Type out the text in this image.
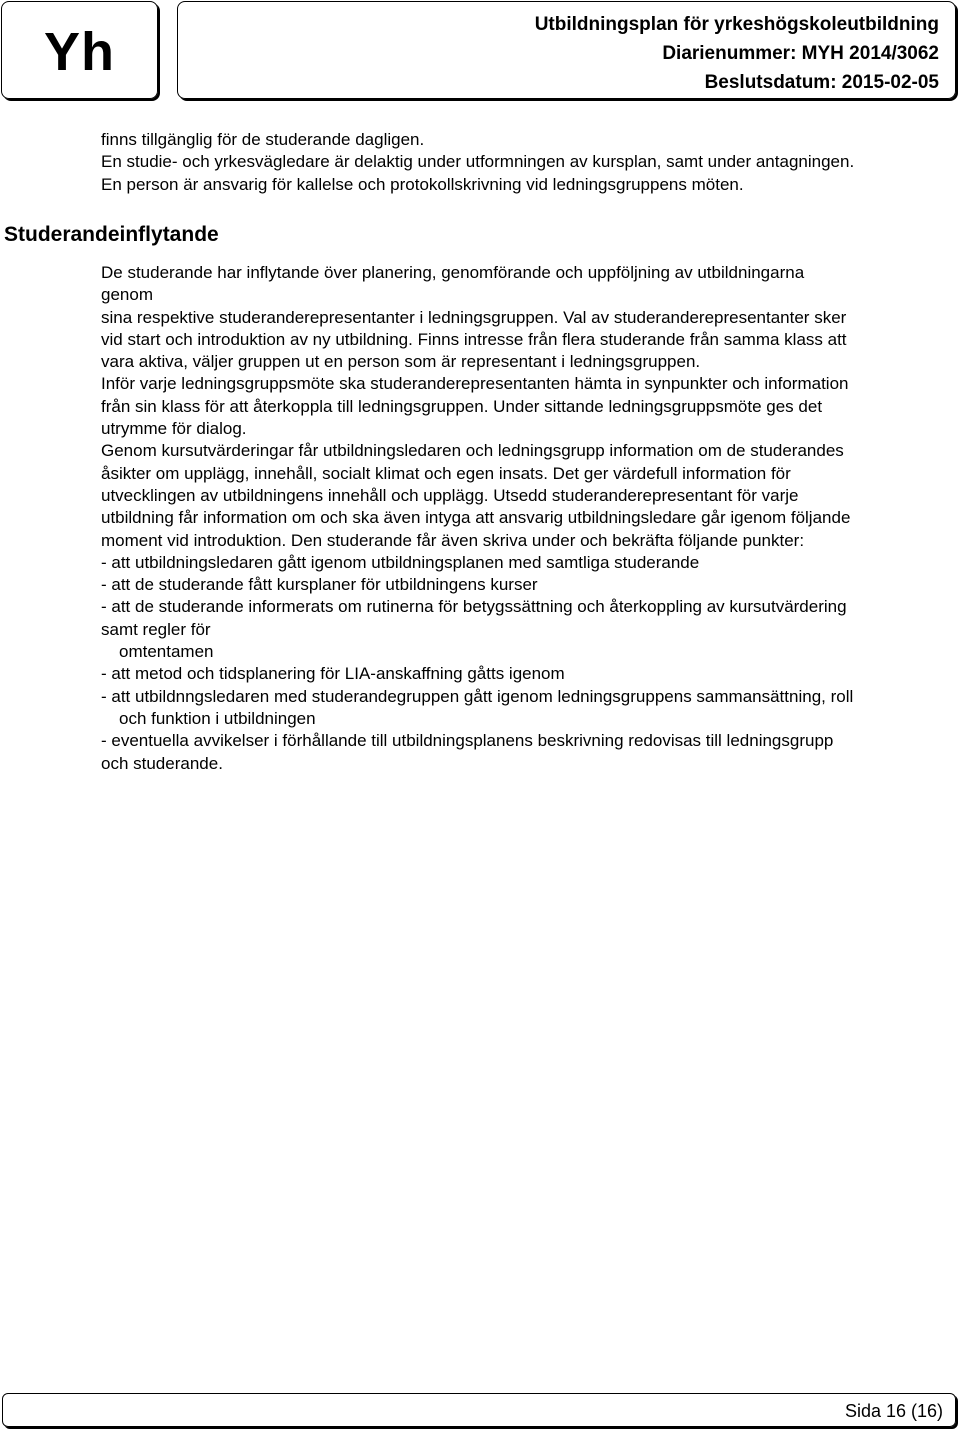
Yh	Utbildningsplan för yrkeshögskoleutbildning
Diarienummer: MYH 2014/3062
Beslutsdatum: 2015-02-05
finns tillgänglig för de studerande dagligen.
En studie- och yrkesvägledare är delaktig under utformningen av kursplan, samt under antagningen.
En person är ansvarig för kallelse och protokollskrivning vid ledningsgruppens möten.
Studerandeinflytande
De studerande har inflytande över planering, genomförande och uppföljning av utbildningarna
genom
sina respektive studeranderepresentanter i ledningsgruppen. Val av studeranderepresentanter sker
vid start och introduktion av ny utbildning. Finns intresse från flera studerande från samma klass att
vara aktiva, väljer gruppen ut en person som är representant i ledningsgruppen.
Inför varje ledningsgruppsmöte ska studeranderepresentanten hämta in synpunkter och information
från sin klass för att återkoppla till ledningsgruppen. Under sittande ledningsgruppsmöte ges det
utrymme för dialog.
Genom kursutvärderingar får utbildningsledaren och ledningsgrupp information om de studerandes
åsikter om upplägg, innehåll, socialt klimat och egen insats. Det ger värdefull information för
utvecklingen av utbildningens innehåll och upplägg. Utsedd studeranderepresentant för varje
utbildning får information om och ska även intyga att ansvarig utbildningsledare går igenom följande
moment vid introduktion. Den studerande får även skriva under och bekräfta följande punkter:
- att utbildningsledaren gått igenom utbildningsplanen med samtliga studerande
- att de studerande fått kursplaner för utbildningens kurser
- att de studerande informerats om rutinerna för betygssättning och återkoppling av kursutvärdering
samt regler för
omtentamen
- att metod och tidsplanering för LIA-anskaffning gåtts igenom
- att utbildnngsledaren med studerandegruppen gått igenom ledningsgruppens sammansättning, roll
och funktion i utbildningen
- eventuella avvikelser i förhållande till utbildningsplanens beskrivning redovisas till ledningsgrupp
och studerande.
Sida 16 (16)
